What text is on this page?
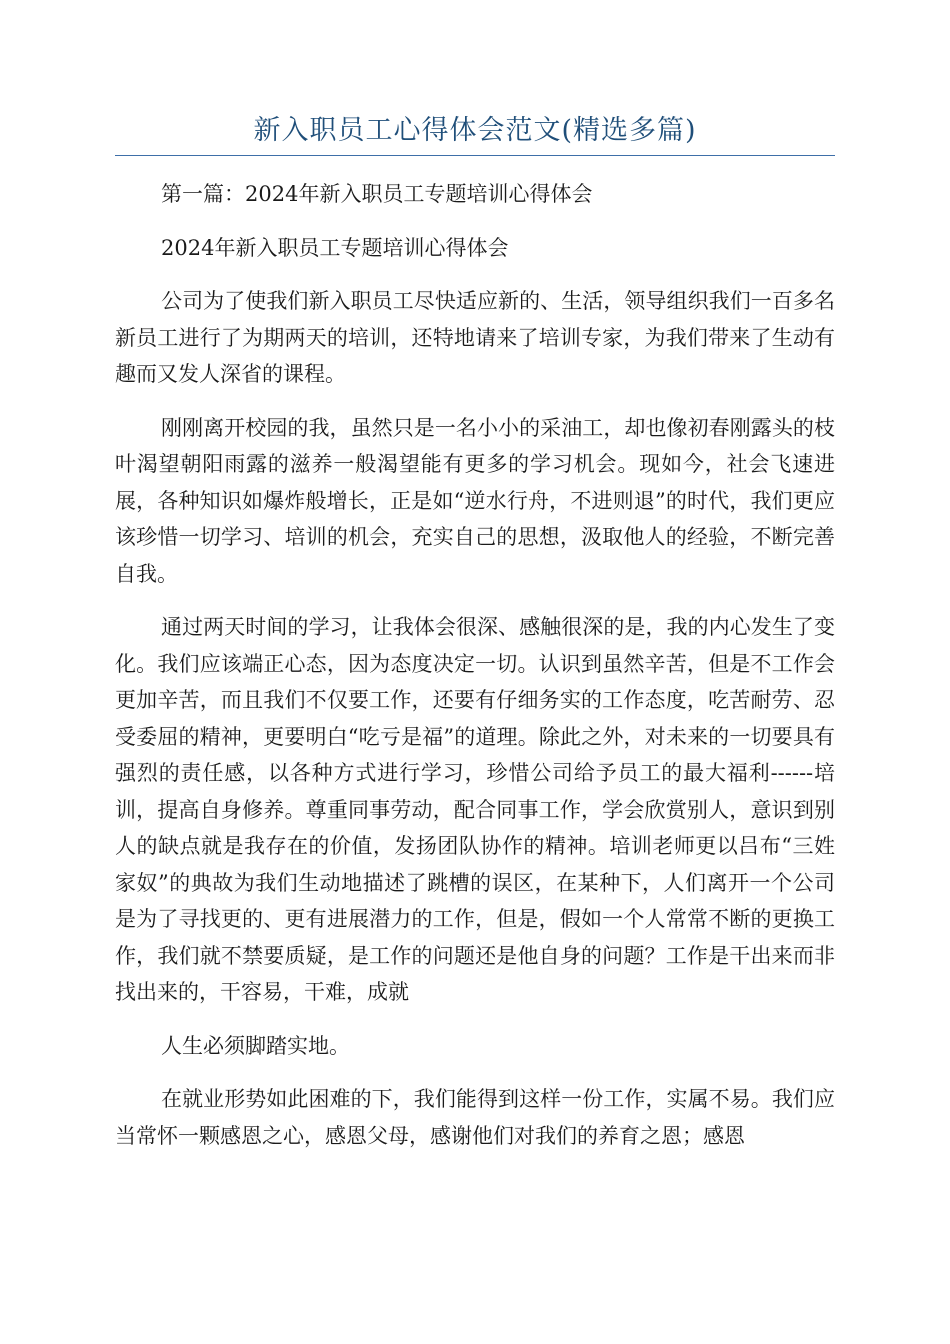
新入职员工心得体会范文(精选多篇)

第一篇：2024年新入职员工专题培训心得体会

2024年新入职员工专题培训心得体会

公司为了使我们新入职员工尽快适应新的、生活，领导组织我们一百多名新员工进行了为期两天的培训，还特地请来了培训专家，为我们带来了生动有趣而又发人深省的课程。

刚刚离开校园的我，虽然只是一名小小的采油工，却也像初春刚露头的枝叶渴望朝阳雨露的滋养一般渴望能有更多的学习机会。现如今，社会飞速进展，各种知识如爆炸般增长，正是如“逆水行舟，不进则退”的时代，我们更应该珍惜一切学习、培训的机会，充实自己的思想，汲取他人的经验，不断完善自我。

通过两天时间的学习，让我体会很深、感触很深的是，我的内心发生了变化。我们应该端正心态，因为态度决定一切。认识到虽然辛苦，但是不工作会更加辛苦，而且我们不仅要工作，还要有仔细务实的工作态度，吃苦耐劳、忍受委屈的精神，更要明白“吃亏是福”的道理。除此之外，对未来的一切要具有强烈的责任感，以各种方式进行学习，珍惜公司给予员工的最大福利------培训，提高自身修养。尊重同事劳动，配合同事工作，学会欣赏别人，意识到别人的缺点就是我存在的价值，发扬团队协作的精神。培训老师更以吕布“三姓家奴”的典故为我们生动地描述了跳槽的误区，在某种下，人们离开一个公司是为了寻找更的、更有进展潜力的工作，但是，假如一个人常常不断的更换工作，我们就不禁要质疑，是工作的问题还是他自身的问题？工作是干出来而非找出来的，干容易，干难，成就

人生必须脚踏实地。

在就业形势如此困难的下，我们能得到这样一份工作，实属不易。我们应当常怀一颗感恩之心，感恩父母，感谢他们对我们的养育之恩；感恩
